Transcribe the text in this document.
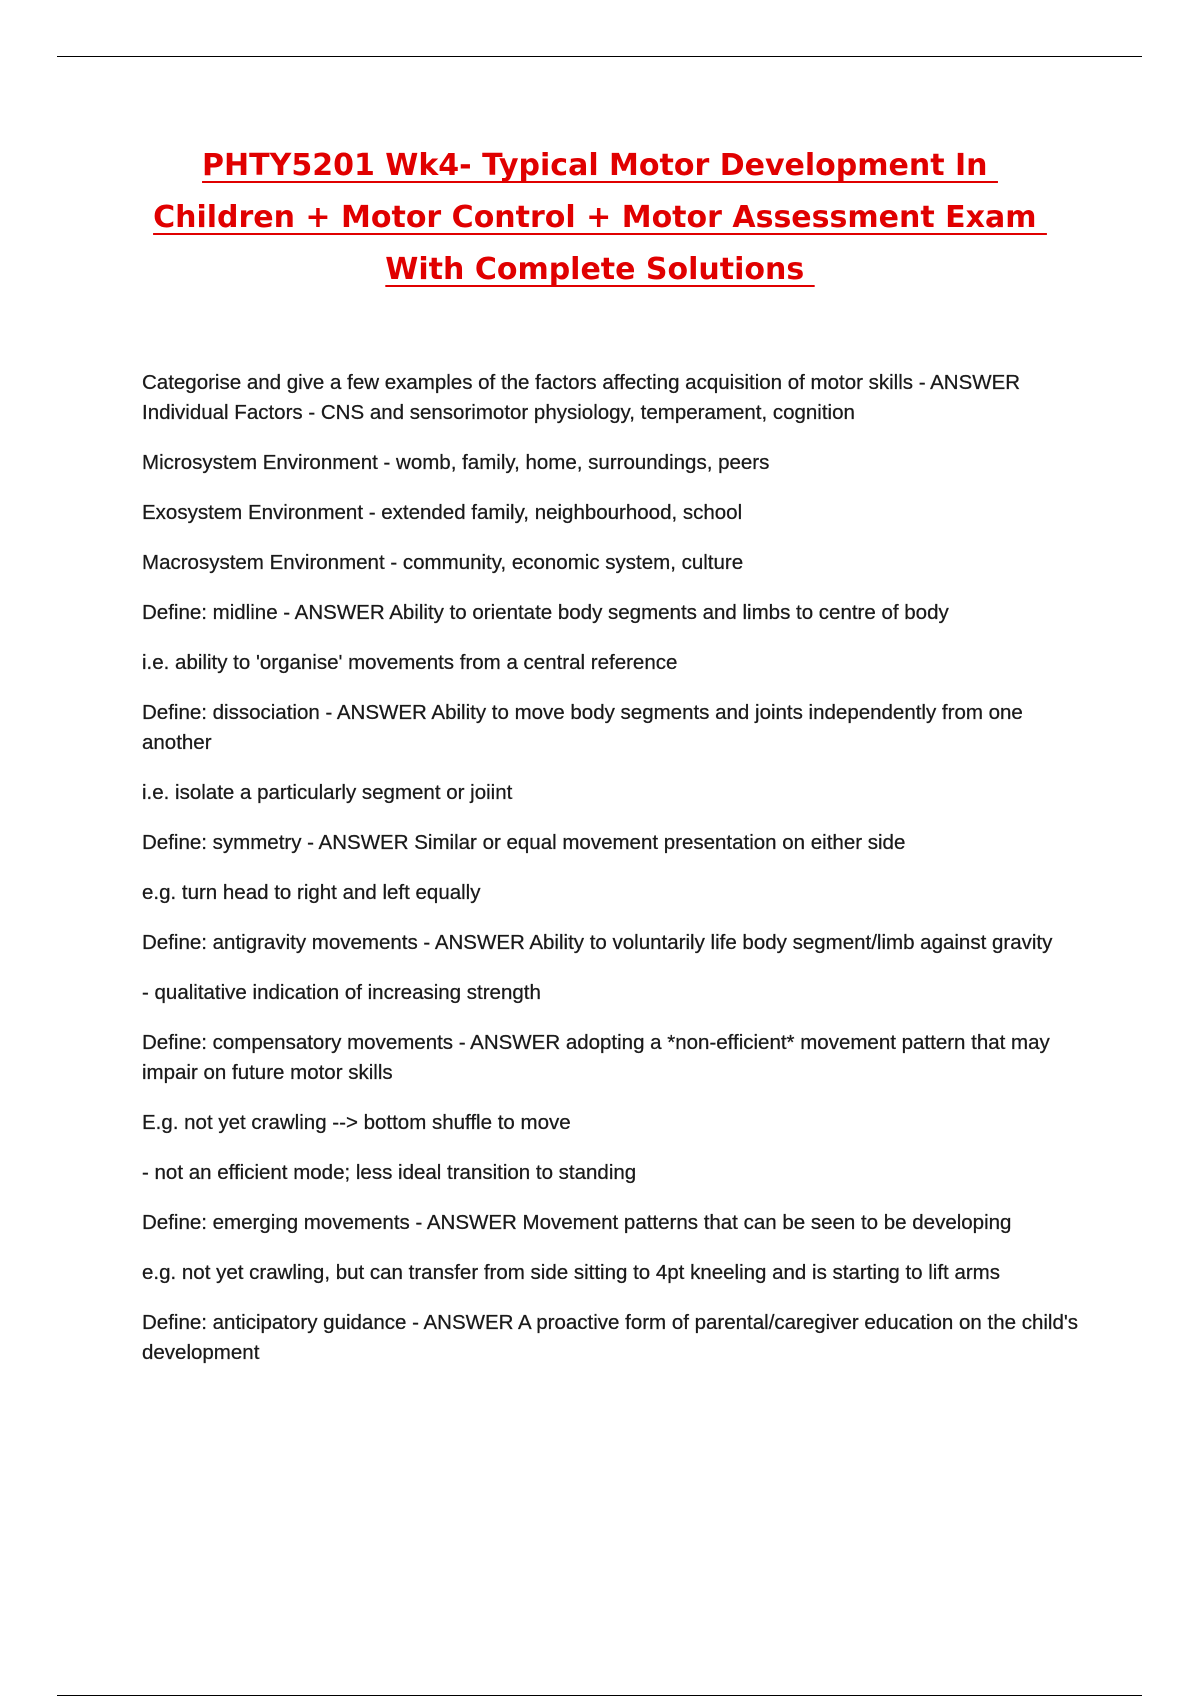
PHTY5201 Wk4- Typical Motor Development In
Children + Motor Control + Motor Assessment Exam
With Complete Solutions

Categorise and give a few examples of the factors affecting acquisition of motor skills - ANSWER Individual Factors - CNS and sensorimotor physiology, temperament, cognition

Microsystem Environment - womb, family, home, surroundings, peers

Exosystem Environment - extended family, neighbourhood, school

Macrosystem Environment - community, economic system, culture

Define: midline - ANSWER Ability to orientate body segments and limbs to centre of body

i.e. ability to 'organise' movements from a central reference

Define: dissociation - ANSWER Ability to move body segments and joints independently from one another

i.e. isolate a particularly segment or joiint

Define: symmetry - ANSWER Similar or equal movement presentation on either side

e.g. turn head to right and left equally

Define: antigravity movements - ANSWER Ability to voluntarily life body segment/limb against gravity

- qualitative indication of increasing strength

Define: compensatory movements - ANSWER adopting a *non-efficient* movement pattern that may impair on future motor skills

E.g. not yet crawling --> bottom shuffle to move

- not an efficient mode; less ideal transition to standing

Define: emerging movements - ANSWER Movement patterns that can be seen to be developing

e.g. not yet crawling, but can transfer from side sitting to 4pt kneeling and is starting to lift arms

Define: anticipatory guidance - ANSWER A proactive form of parental/caregiver education on the child's development
